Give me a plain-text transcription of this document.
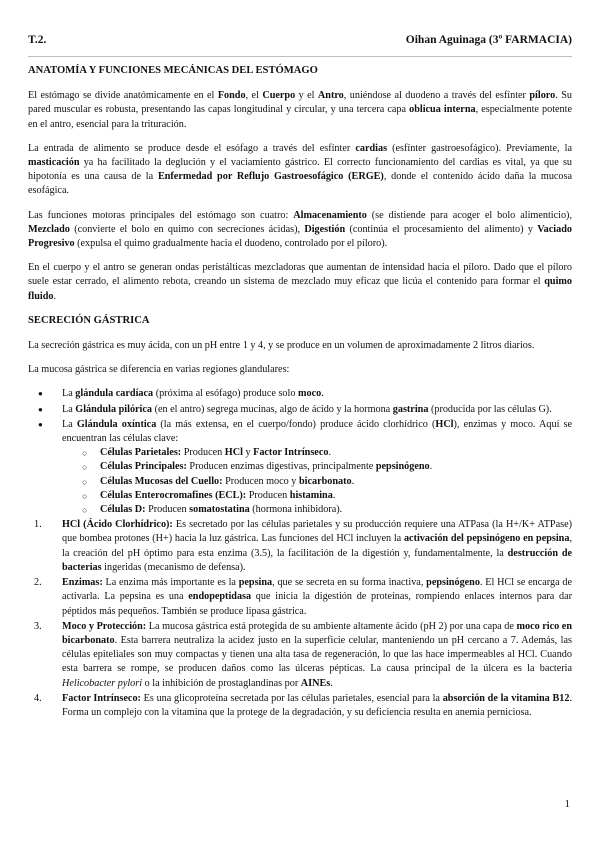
T.2.	Oihan Aguinaga (3º FARMACIA)
ANATOMÍA Y FUNCIONES MECÁNICAS DEL ESTÓMAGO

El estómago se divide anatómicamente en el Fondo, el Cuerpo y el Antro, uniéndose al duodeno a través del esfínter píloro. Su pared muscular es robusta, presentando las capas longitudinal y circular, y una tercera capa oblicua interna, especialmente potente en el antro, esencial para la trituración.

La entrada de alimento se produce desde el esófago a través del esfínter cardias (esfínter gastroesofágico). Previamente, la masticación ya ha facilitado la deglución y el vaciamiento gástrico. El correcto funcionamiento del cardias es vital, ya que su hipotonía es una causa de la Enfermedad por Reflujo Gastroesofágico (ERGE), donde el contenido ácido daña la mucosa esofágica.

Las funciones motoras principales del estómago son cuatro: Almacenamiento (se distiende para acoger el bolo alimenticio), Mezclado (convierte el bolo en quimo con secreciones ácidas), Digestión (continúa el procesamiento del alimento) y Vaciado Progresivo (expulsa el quimo gradualmente hacia el duodeno, controlado por el píloro).

En el cuerpo y el antro se generan ondas peristálticas mezcladoras que aumentan de intensidad hacia el píloro. Dado que el píloro suele estar cerrado, el alimento rebota, creando un sistema de mezclado muy eficaz que licúa el contenido para formar el quimo fluido.

SECRECIÓN GÁSTRICA

La secreción gástrica es muy ácida, con un pH entre 1 y 4, y se produce en un volumen de aproximadamente 2 litros diarios.

La mucosa gástrica se diferencia en varias regiones glandulares:

● La glándula cardíaca (próxima al esófago) produce solo moco.
● La Glándula pilórica (en el antro) segrega mucinas, algo de ácido y la hormona gastrina (producida por las células G).
● La Glándula oxíntica (la más extensa, en el cuerpo/fondo) produce ácido clorhídrico (HCl), enzimas y moco. Aquí se encuentran las células clave:
○ Células Parietales: Producen HCl y Factor Intrínseco.
○ Células Principales: Producen enzimas digestivas, principalmente pepsinógeno.
○ Células Mucosas del Cuello: Producen moco y bicarbonato.
○ Células Enterocromafines (ECL): Producen histamina.
○ Células D: Producen somatostatina (hormona inhibidora).
1. HCl (Ácido Clorhídrico): Es secretado por las células parietales y su producción requiere una ATPasa (la H+/K+ ATPase) que bombea protones (H+) hacia la luz gástrica. Las funciones del HCl incluyen la activación del pepsinógeno en pepsina, la creación del pH óptimo para esta enzima (3.5), la facilitación de la digestión y, fundamentalmente, la destrucción de bacterias ingeridas (mecanismo de defensa).
2. Enzimas: La enzima más importante es la pepsina, que se secreta en su forma inactiva, pepsinógeno. El HCl se encarga de activarla. La pepsina es una endopeptidasa que inicia la digestión de proteínas, rompiendo enlaces internos para dar péptidos más pequeños. También se produce lipasa gástrica.
3. Moco y Protección: La mucosa gástrica está protegida de su ambiente altamente ácido (pH 2) por una capa de moco rico en bicarbonato. Esta barrera neutraliza la acidez justo en la superficie celular, manteniendo un pH cercano a 7. Además, las células epiteliales son muy compactas y tienen una alta tasa de regeneración, lo que las hace impermeables al HCl. Cuando esta barrera se rompe, se producen daños como las úlceras pépticas. La causa principal de la úlcera es la bacteria Helicobacter pylori o la inhibición de prostaglandinas por AINEs.
4. Factor Intrínseco: Es una glicoproteína secretada por las células parietales, esencial para la absorción de la vitamina B12. Forma un complejo con la vitamina que la protege de la degradación, y su deficiencia resulta en anemia perniciosa.
1
